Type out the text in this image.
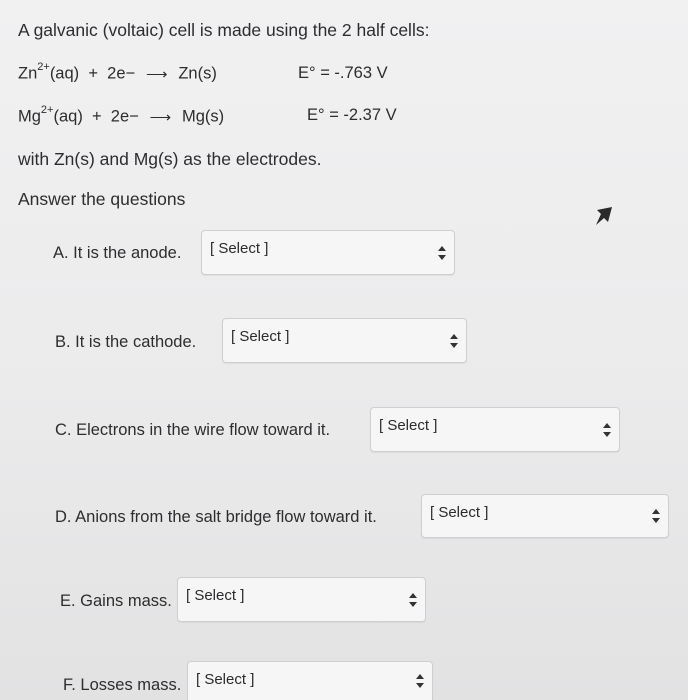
A galvanic (voltaic) cell is made using the 2 half cells:
$Zn^{2+}(aq) + 2e-$ ⟶ Zn(s)	E° = -.763 V
$Mg^{2+}(aq) + 2e-$ ⟶ Mg(s)	E° = -2.37 V
with Zn(s) and Mg(s) as the electrodes.
Answer the questions
A. It is the anode. [ Select ]
B. It is the cathode. [ Select ]
C. Electrons in the wire flow toward it.	[ Select ]
D. Anions from the salt bridge flow toward it.	[ Select ]
E. Gains mass. [ Select ]
F. Losses mass. [ Select ]
